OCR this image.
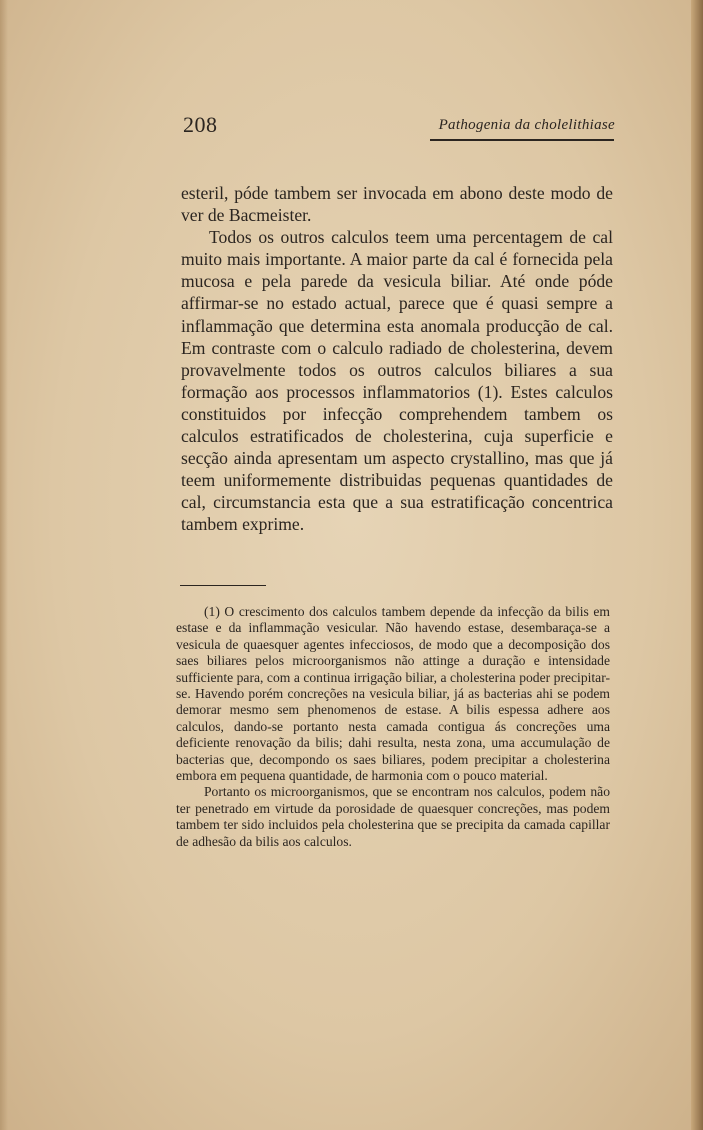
208	Pathogenia da cholelithiase

esteril, póde tambem ser invocada em abono deste modo de ver de Bacmeister.

Todos os outros calculos teem uma percentagem de cal muito mais importante. A maior parte da cal é fornecida pela mucosa e pela parede da vesicula biliar. Até onde póde affirmar-se no estado actual, parece que é quasi sempre a inflammação que determina esta anomala producção de cal. Em contraste com o calculo radiado de cholesterina, devem provavelmente todos os outros calculos biliares a sua formação aos processos inflammatorios (1). Estes calculos constituidos por infecção comprehendem tambem os calculos estratificados de cholesterina, cuja superficie e secção ainda apresentam um aspecto crystallino, mas que já teem uniformemente distribuidas pequenas quantidades de cal, circumstancia esta que a sua estratificação concentrica tambem exprime.

(1) O crescimento dos calculos tambem depende da infecção da bilis em estase e da inflammação vesicular. Não havendo estase, desembaraça-se a vesicula de quaesquer agentes infecciosos, de modo que a decomposição dos saes biliares pelos microorganismos não attinge a duração e intensidade sufficiente para, com a continua irrigação biliar, a cholesterina poder precipitar-se. Havendo porém concreções na vesicula biliar, já as bacterias ahi se podem demorar mesmo sem phenomenos de estase. A bilis espessa adhere aos calculos, dando-se portanto nesta camada contigua ás concreções uma deficiente renovação da bilis; dahi resulta, nesta zona, uma accumulação de bacterias que, decompondo os saes biliares, podem precipitar a cholesterina embora em pequena quantidade, de harmonia com o pouco material.

Portanto os microorganismos, que se encontram nos calculos, podem não ter penetrado em virtude da porosidade de quaesquer concreções, mas podem tambem ter sido incluidos pela cholesterina que se precipita da camada capillar de adhesão da bilis aos calculos.
